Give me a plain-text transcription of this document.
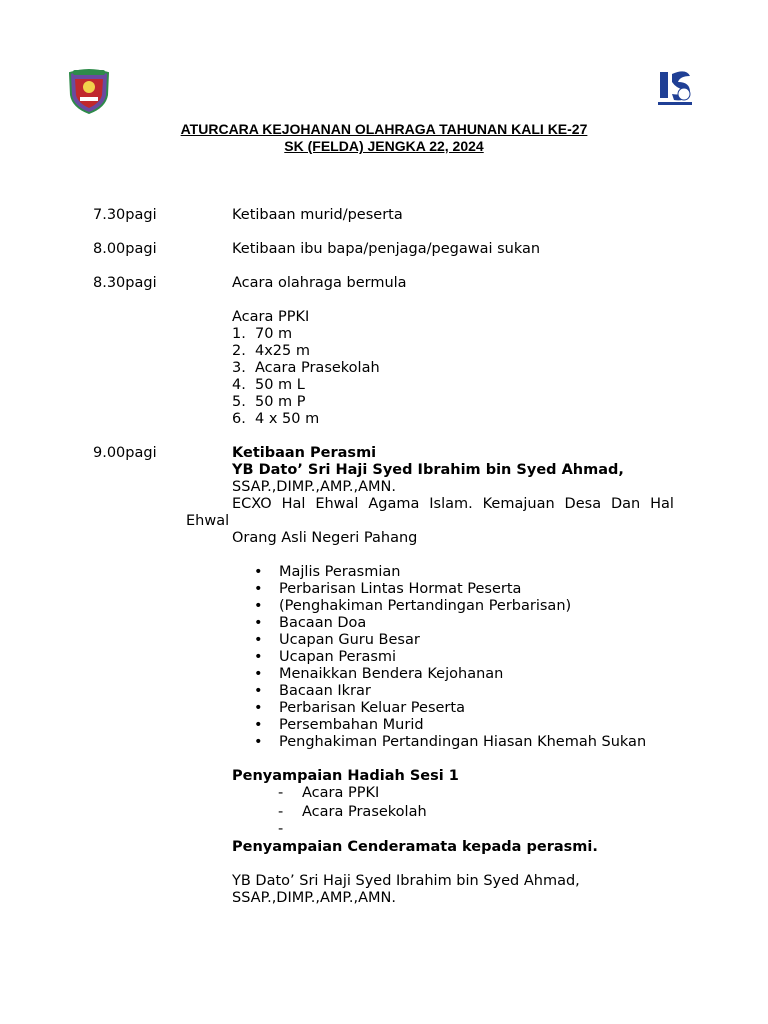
ATURCARA KEJOHANAN OLAHRAGA TAHUNAN KALI KE-27
SK (FELDA) JENGKA 22, 2024
7.30pagi	Ketibaan murid/peserta
8.00pagi	Ketibaan ibu bapa/penjaga/pegawai sukan
8.30pagi	Acara olahraga bermula
Acara PPKI
1. 70 m
2. 4x25 m
3. Acara Prasekolah
4. 50 m L
5. 50 m P
6. 4 x 50 m
9.00pagi	Ketibaan Perasmi
YB Dato’ Sri Haji Syed Ibrahim bin Syed Ahmad,
SSAP.,DIMP.,AMP.,AMN.
ECXO Hal Ehwal Agama Islam. Kemajuan Desa Dan Hal
Ehwal
Orang Asli Negeri Pahang
• Majlis Perasmian
• Perbarisan Lintas Hormat Peserta
• (Penghakiman Pertandingan Perbarisan)
• Bacaan Doa
• Ucapan Guru Besar
• Ucapan Perasmi
• Menaikkan Bendera Kejohanan
• Bacaan Ikrar
• Perbarisan Keluar Peserta
• Persembahan Murid
• Penghakiman Pertandingan Hiasan Khemah Sukan
Penyampaian Hadiah Sesi 1
- Acara PPKI
- Acara Prasekolah
-
Penyampaian Cenderamata kepada perasmi.
YB Dato’ Sri Haji Syed Ibrahim bin Syed Ahmad,
SSAP.,DIMP.,AMP.,AMN.
